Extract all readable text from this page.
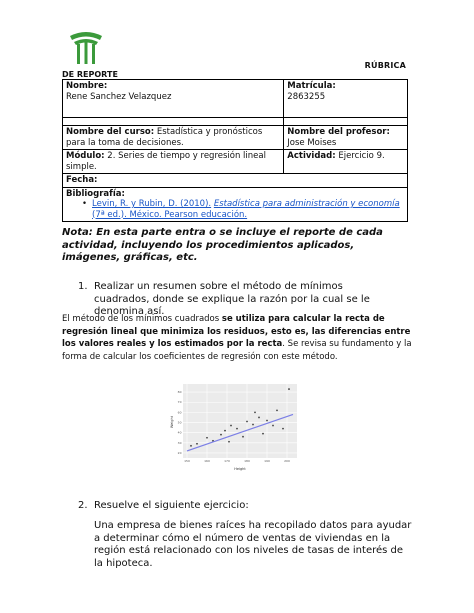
RÚBRICA
DE REPORTE
Nombre:
Rene Sanchez Velazquez	Matrícula:
2863255

Nombre del curso: Estadística y pronósticos para la toma de decisiones.	Nombre del profesor:
Jose Moises
Módulo: 2. Series de tiempo y regresión lineal simple.	Actividad: Ejercicio 9.
Fecha:	
Bibliografía:
• Levin, R. y Rubin, D. (2010). Estadística para administración y economía (7ª ed.). México. Pearson educación.	
Nota: En esta parte entra o se incluye el reporte de cada actividad, incluyendo los procedimientos aplicados, imágenes, gráficas, etc.
1. Realizar un resumen sobre el método de mínimos cuadrados, donde se explique la razón por la cual se le denomina así.
El método de los mínimos cuadrados se utiliza para calcular la recta de regresión lineal que minimiza los residuos, esto es, las diferencias entre los valores reales y los estimados por la recta. Se revisa su fundamento y la forma de calcular los coeficientes de regresión con este método.
150	160	170	180	190	200
80
70
60
50
40
30
20
Height
Weight
2. Resuelve el siguiente ejercicio:
Una empresa de bienes raíces ha recopilado datos para ayudar a determinar cómo el número de ventas de viviendas en la región está relacionado con los niveles de tasas de interés de la hipoteca.
